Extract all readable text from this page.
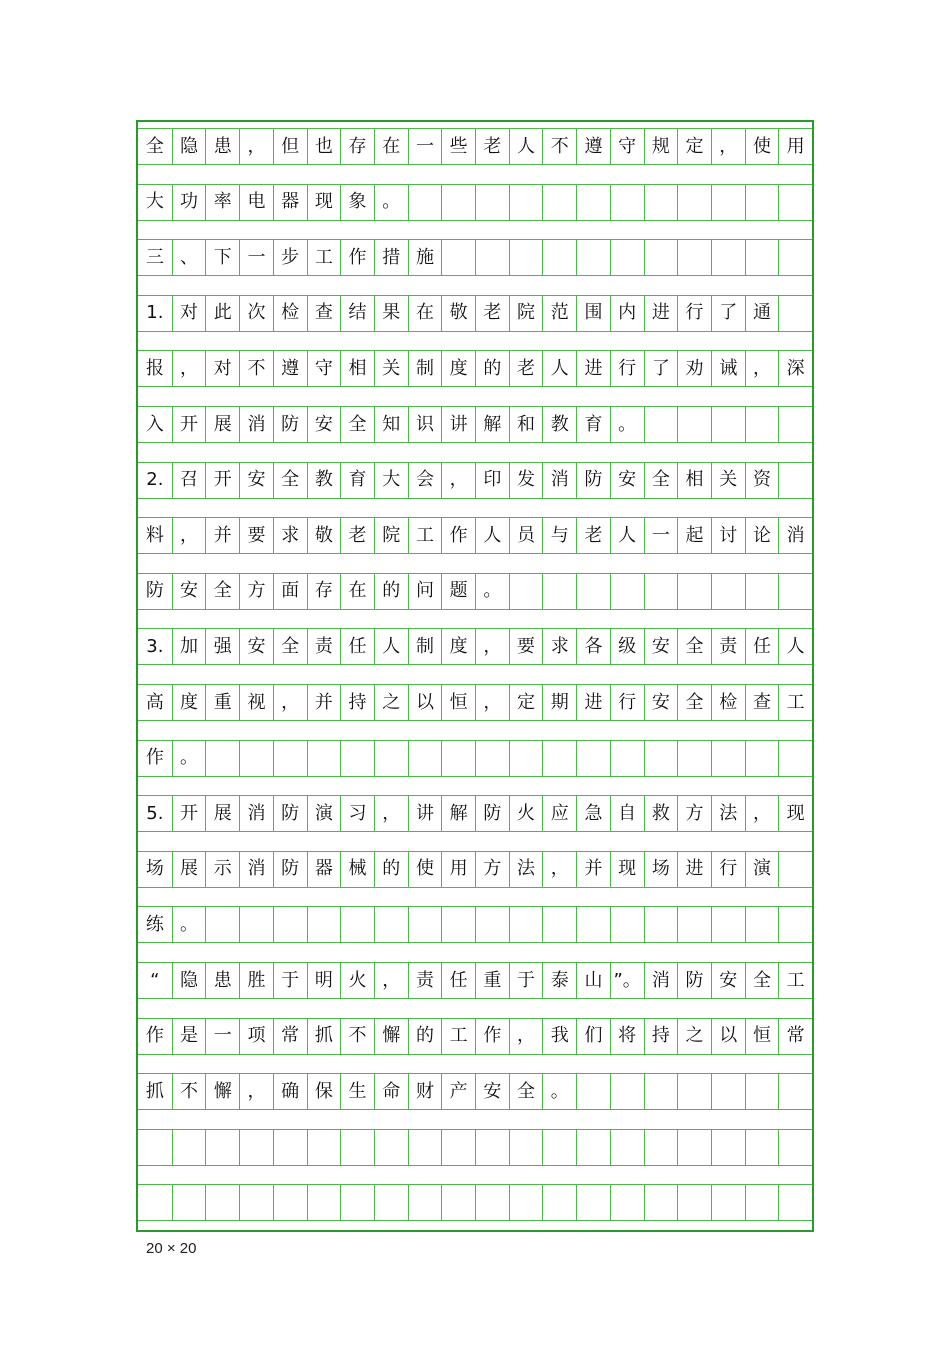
全 隐 患 ， 但 也 存 在 一 些 老 人 不 遵 守 规 定 ， 使 用
大 功 率 电 器 现 象 。
三 、 下 一 步 工 作 措 施
1. 对 此 次 检 查 结 果 在 敬 老 院 范 围 内 进 行 了 通
报 ， 对 不 遵 守 相 关 制 度 的 老 人 进 行 了 劝 诫 ， 深
入 开 展 消 防 安 全 知 识 讲 解 和 教 育 。
2. 召 开 安 全 教 育 大 会 ， 印 发 消 防 安 全 相 关 资
料 ， 并 要 求 敬 老 院 工 作 人 员 与 老 人 一 起 讨 论 消
防 安 全 方 面 存 在 的 问 题 。
3. 加 强 安 全 责 任 人 制 度 ， 要 求 各 级 安 全 责 任 人
高 度 重 视 ， 并 持 之 以 恒 ， 定 期 进 行 安 全 检 查 工
作 。
5. 开 展 消 防 演 习 ， 讲 解 防 火 应 急 自 救 方 法 ， 现
场 展 示 消 防 器 械 的 使 用 方 法 ， 并 现 场 进 行 演
练 。
“	隐 患 胜 于 明 火 ， 责 任 重 于 泰 山 ”。 消 防 安 全 工
作 是 一 项 常 抓 不 懈 的 工 作 ， 我 们 将 持 之 以 恒 常
抓 不 懈 ， 确 保 生 命 财 产 安 全 。
20 × 20
